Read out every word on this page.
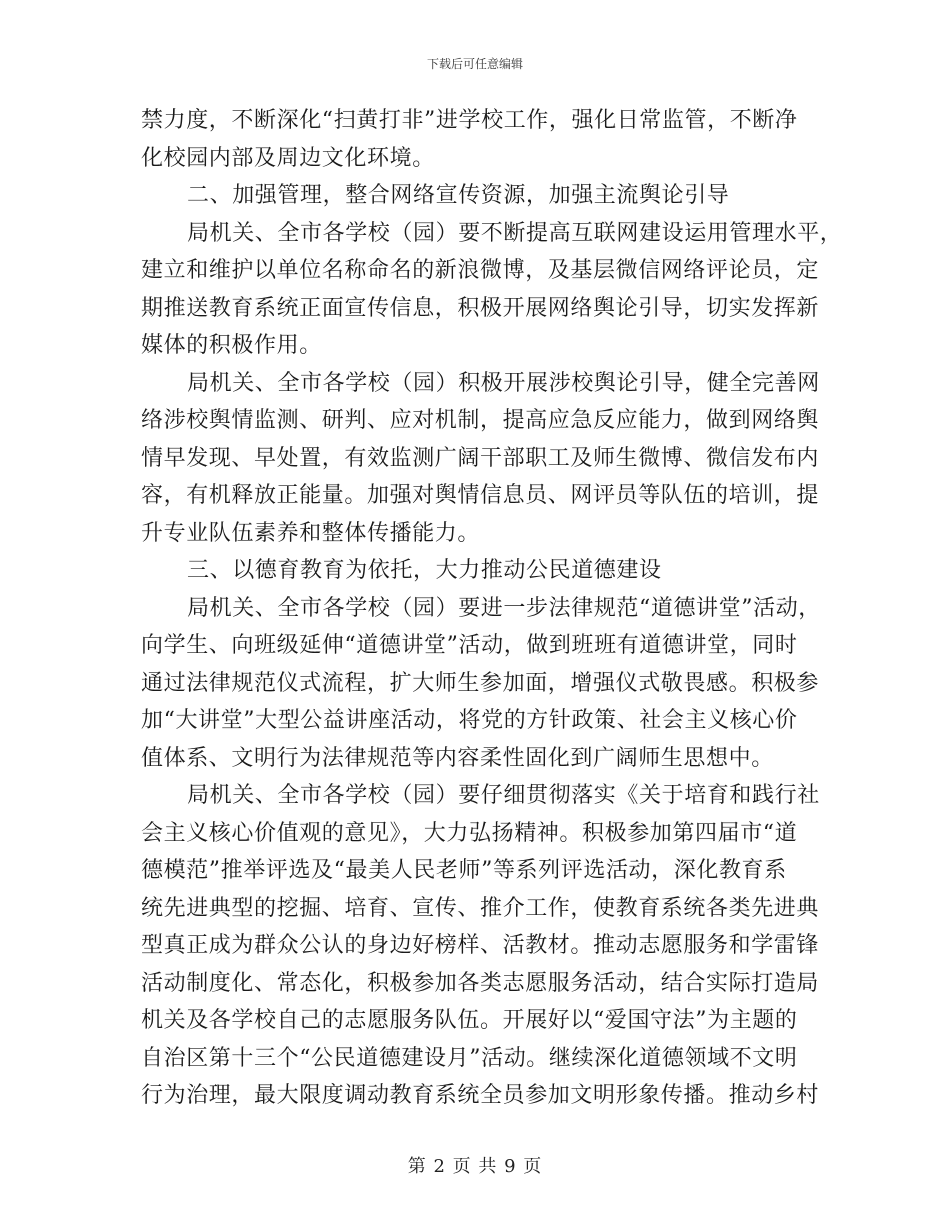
下载后可任意编辑
禁力度，不断深化“扫黄打非”进学校工作，强化日常监管，不断净
化校园内部及周边文化环境。
二、加强管理，整合网络宣传资源，加强主流舆论引导
局机关、全市各学校（园）要不断提高互联网建设运用管理水平，
建立和维护以单位名称命名的新浪微博，及基层微信网络评论员，定
期推送教育系统正面宣传信息，积极开展网络舆论引导，切实发挥新
媒体的积极作用。
局机关、全市各学校（园）积极开展涉校舆论引导，健全完善网
络涉校舆情监测、研判、应对机制，提高应急反应能力，做到网络舆
情早发现、早处置，有效监测广阔干部职工及师生微博、微信发布内
容，有机释放正能量。加强对舆情信息员、网评员等队伍的培训，提
升专业队伍素养和整体传播能力。
三、以德育教育为依托，大力推动公民道德建设
局机关、全市各学校（园）要进一步法律规范“道德讲堂”活动，
向学生、向班级延伸“道德讲堂”活动，做到班班有道德讲堂，同时
通过法律规范仪式流程，扩大师生参加面，增强仪式敬畏感。积极参
加“大讲堂”大型公益讲座活动，将党的方针政策、社会主义核心价
值体系、文明行为法律规范等内容柔性固化到广阔师生思想中。
局机关、全市各学校（园）要仔细贯彻落实《关于培育和践行社
会主义核心价值观的意见》，大力弘扬精神。积极参加第四届市“道
德模范”推举评选及“最美人民老师”等系列评选活动，深化教育系
统先进典型的挖掘、培育、宣传、推介工作，使教育系统各类先进典
型真正成为群众公认的身边好榜样、活教材。推动志愿服务和学雷锋
活动制度化、常态化，积极参加各类志愿服务活动，结合实际打造局
机关及各学校自己的志愿服务队伍。开展好以“爱国守法”为主题的
自治区第十三个“公民道德建设月”活动。继续深化道德领域不文明
行为治理，最大限度调动教育系统全员参加文明形象传播。推动乡村
第 2 页 共 9 页
